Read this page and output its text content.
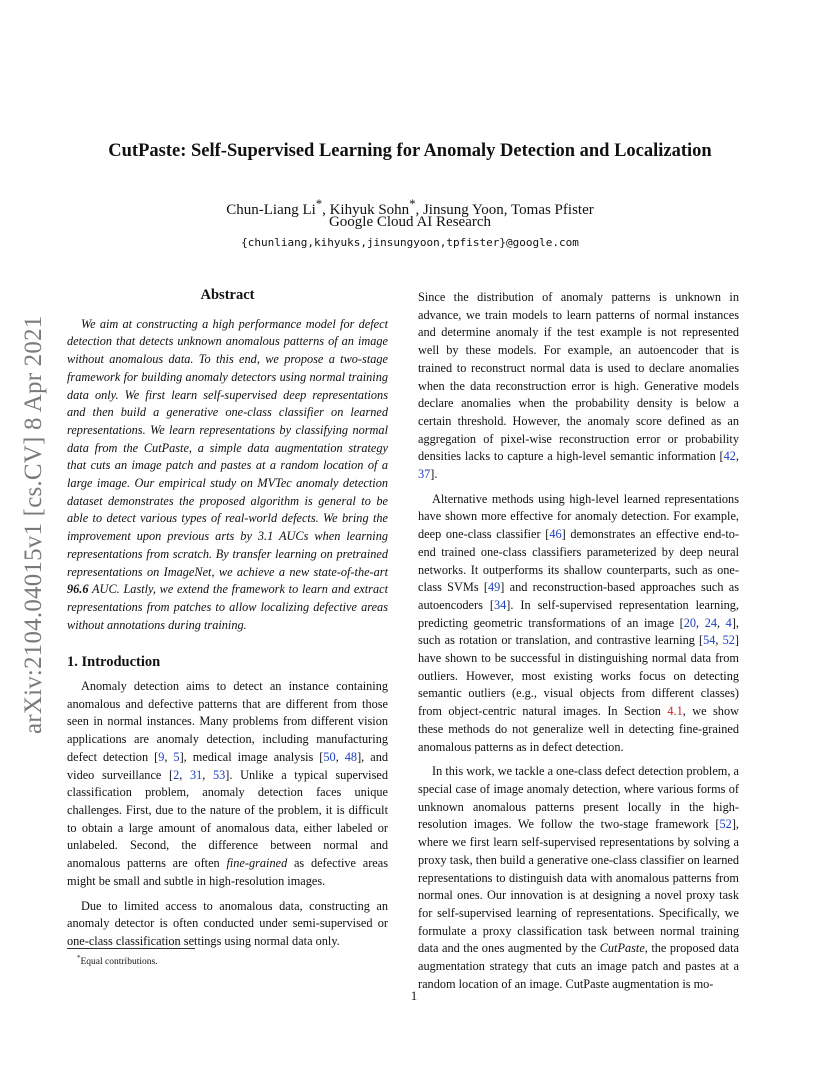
arXiv:2104.04015v1 [cs.CV] 8 Apr 2021
CutPaste: Self-Supervised Learning for Anomaly Detection and Localization
Chun-Liang Li*, Kihyuk Sohn*, Jinsung Yoon, Tomas Pfister
Google Cloud AI Research
{chunliang,kihyuks,jinsungyoon,tpfister}@google.com
Abstract

We aim at constructing a high performance model for defect detection that detects unknown anomalous patterns of an image without anomalous data. To this end, we propose a two-stage framework for building anomaly detectors using normal training data only. We first learn self-supervised deep representations and then build a generative one-class classifier on learned representations. We learn representations by classifying normal data from the CutPaste, a simple data augmentation strategy that cuts an image patch and pastes at a random location of a large image. Our empirical study on MVTec anomaly detection dataset demonstrates the proposed algorithm is general to be able to detect various types of real-world defects. We bring the improvement upon previous arts by 3.1 AUCs when learning representations from scratch. By transfer learning on pretrained representations on ImageNet, we achieve a new state-of-the-art 96.6 AUC. Lastly, we extend the framework to learn and extract representations from patches to allow localizing defective areas without annotations during training.

1. Introduction

Anomaly detection aims to detect an instance containing anomalous and defective patterns that are different from those seen in normal instances. Many problems from different vision applications are anomaly detection, including manufacturing defect detection [9, 5], medical image analysis [50, 48], and video surveillance [2, 31, 53]. Unlike a typical supervised classification problem, anomaly detection faces unique challenges. First, due to the nature of the problem, it is difficult to obtain a large amount of anomalous data, either labeled or unlabeled. Second, the difference between normal and anomalous patterns are often fine-grained as defective areas might be small and subtle in high-resolution images.

Due to limited access to anomalous data, constructing an anomaly detector is often conducted under semi-supervised or one-class classification settings using normal data only.

Since the distribution of anomaly patterns is unknown in advance, we train models to learn patterns of normal instances and determine anomaly if the test example is not represented well by these models. For example, an autoencoder that is trained to reconstruct normal data is used to declare anomalies when the data reconstruction error is high. Generative models declare anomalies when the probability density is below a certain threshold. However, the anomaly score defined as an aggregation of pixel-wise reconstruction error or probability densities lacks to capture a high-level semantic information [42, 37].

Alternative methods using high-level learned representations have shown more effective for anomaly detection. For example, deep one-class classifier [46] demonstrates an effective end-to-end trained one-class classifiers parameterized by deep neural networks. It outperforms its shallow counterparts, such as one-class SVMs [49] and reconstruction-based approaches such as autoencoders [34]. In self-supervised representation learning, predicting geometric transformations of an image [20, 24, 4], such as rotation or translation, and contrastive learning [54, 52] have shown to be successful in distinguishing normal data from outliers. However, most existing works focus on detecting semantic outliers (e.g., visual objects from different classes) from object-centric natural images. In Section 4.1, we show these methods do not generalize well in detecting fine-grained anomalous patterns as in defect detection.

In this work, we tackle a one-class defect detection problem, a special case of image anomaly detection, where various forms of unknown anomalous patterns present locally in the high-resolution images. We follow the two-stage framework [52], where we first learn self-supervised representations by solving a proxy task, then build a generative one-class classifier on learned representations to distinguish data with anomalous patterns from normal ones. Our innovation is at designing a novel proxy task for self-supervised learning of representations. Specifically, we formulate a proxy classification task between normal training data and the ones augmented by the CutPaste, the proposed data augmentation strategy that cuts an image patch and pastes at a random location of an image. CutPaste augmentation is mo-

*Equal contributions.
1
